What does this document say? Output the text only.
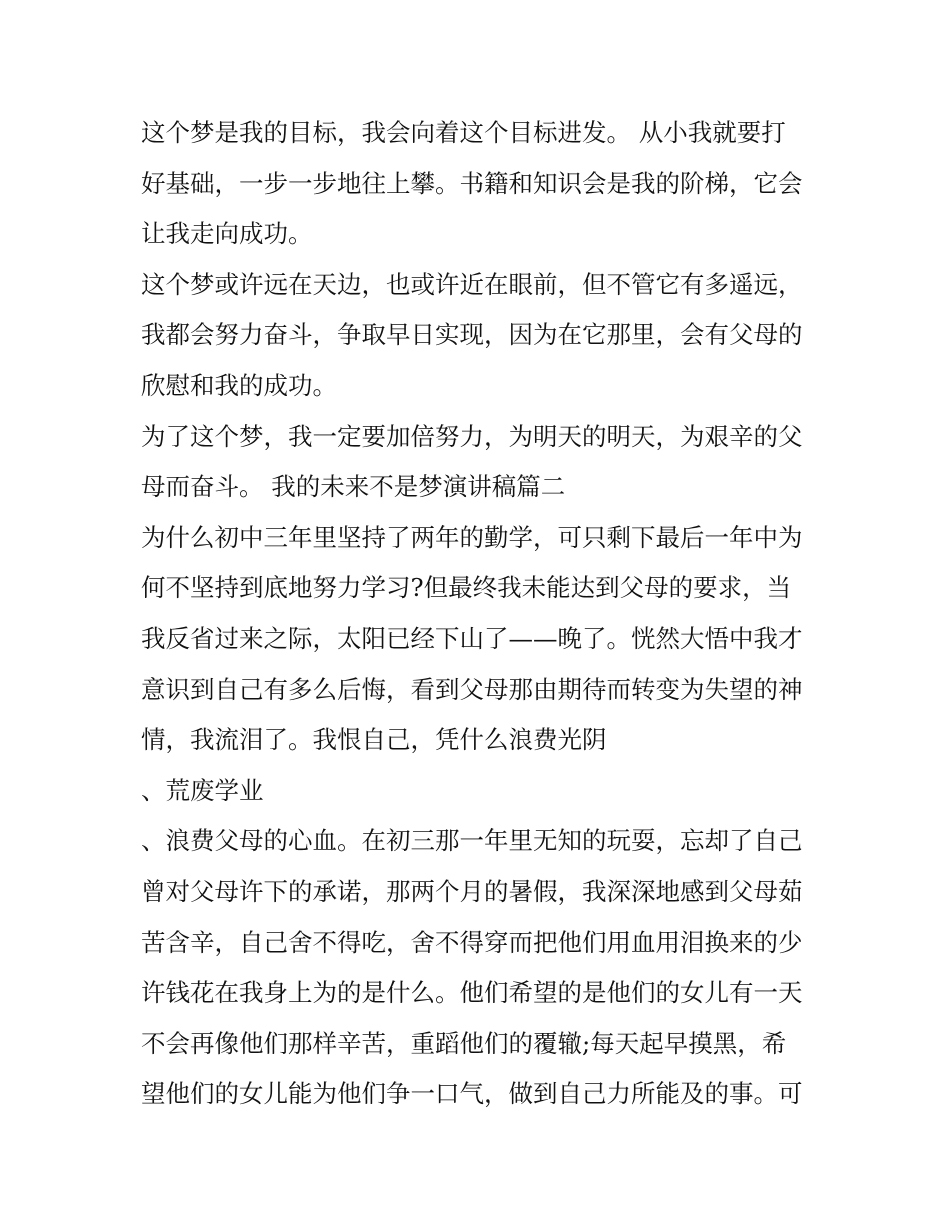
这个梦是我的目标，我会向着这个目标进发。 从小我就要打
好基础，一步一步地往上攀。书籍和知识会是我的阶梯，它会
让我走向成功。
这个梦或许远在天边，也或许近在眼前，但不管它有多遥远，
我都会努力奋斗，争取早日实现，因为在它那里，会有父母的
欣慰和我的成功。
为了这个梦，我一定要加倍努力，为明天的明天，为艰辛的父
母而奋斗。 我的未来不是梦演讲稿篇二
为什么初中三年里坚持了两年的勤学，可只剩下最后一年中为
何不坚持到底地努力学习?但最终我未能达到父母的要求，当
我反省过来之际，太阳已经下山了——晚了。恍然大悟中我才
意识到自己有多么后悔，看到父母那由期待而转变为失望的神
情，我流泪了。我恨自己，凭什么浪费光阴
、荒废学业
、浪费父母的心血。在初三那一年里无知的玩耍，忘却了自己
曾对父母许下的承诺，那两个月的暑假，我深深地感到父母茹
苦含辛，自己舍不得吃，舍不得穿而把他们用血用泪换来的少
许钱花在我身上为的是什么。他们希望的是他们的女儿有一天
不会再像他们那样辛苦，重蹈他们的覆辙;每天起早摸黑，希
望他们的女儿能为他们争一口气，做到自己力所能及的事。可
